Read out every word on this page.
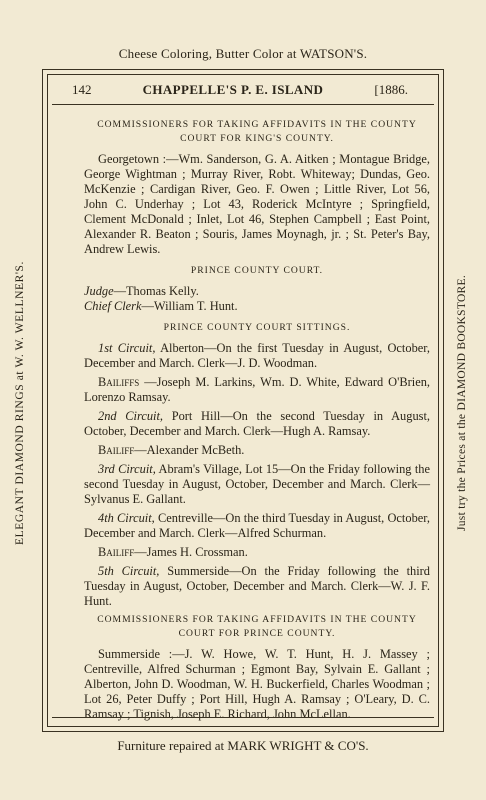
Cheese Coloring, Butter Color at WATSON'S.
ELEGANT DIAMOND RINGS at W. W. WELLNER'S.	Just try the Prices at the DIAMOND BOOKSTORE.
142	CHAPPELLE'S P. E. ISLAND	[1886.
COMMISSIONERS FOR TAKING AFFIDAVITS IN THE COUNTY
COURT FOR KING'S COUNTY.

Georgetown :—Wm. Sanderson, G. A. Aitken ; Montague Bridge, George Wightman ; Murray River, Robt. Whiteway; Dundas, Geo. McKenzie ; Cardigan River, Geo. F. Owen ; Little River, Lot 56, John C. Underhay ; Lot 43, Roderick McIntyre ; Springfield, Clement McDonald ; Inlet, Lot 46, Stephen Campbell ; East Point, Alexander R. Beaton ; Souris, James Moynagh, jr. ; St. Peter's Bay, Andrew Lewis.

PRINCE COUNTY COURT.

Judge—Thomas Kelly.

Chief Clerk—William T. Hunt.

PRINCE COUNTY COURT SITTINGS.

1st Circuit, Alberton—On the first Tuesday in August, October, December and March. Clerk—J. D. Woodman.

Bailiffs —Joseph M. Larkins, Wm. D. White, Edward O'Brien, Lorenzo Ramsay.

2nd Circuit, Port Hill—On the second Tuesday in August, October, December and March. Clerk—Hugh A. Ramsay.

Bailiff—Alexander McBeth.

3rd Circuit, Abram's Village, Lot 15—On the Friday following the second Tuesday in August, October, December and March. Clerk—Sylvanus E. Gallant.

4th Circuit, Centreville—On the third Tuesday in August, October, December and March. Clerk—Alfred Schurman.

Bailiff—James H. Crossman.

5th Circuit, Summerside—On the Friday following the third Tuesday in August, October, December and March. Clerk—W. J. F. Hunt.

COMMISSIONERS FOR TAKING AFFIDAVITS IN THE COUNTY
COURT FOR PRINCE COUNTY.

Summerside :—J. W. Howe, W. T. Hunt, H. J. Massey ; Centreville, Alfred Schurman ; Egmont Bay, Sylvain E. Gallant ; Alberton, John D. Woodman, W. H. Buckerfield, Charles Woodman ; Lot 26, Peter Duffy ; Port Hill, Hugh A. Ramsay ; O'Leary, D. C. Ramsay ; Tignish, Joseph E. Richard, John McLellan.

Furniture repaired at MARK WRIGHT & CO'S.
